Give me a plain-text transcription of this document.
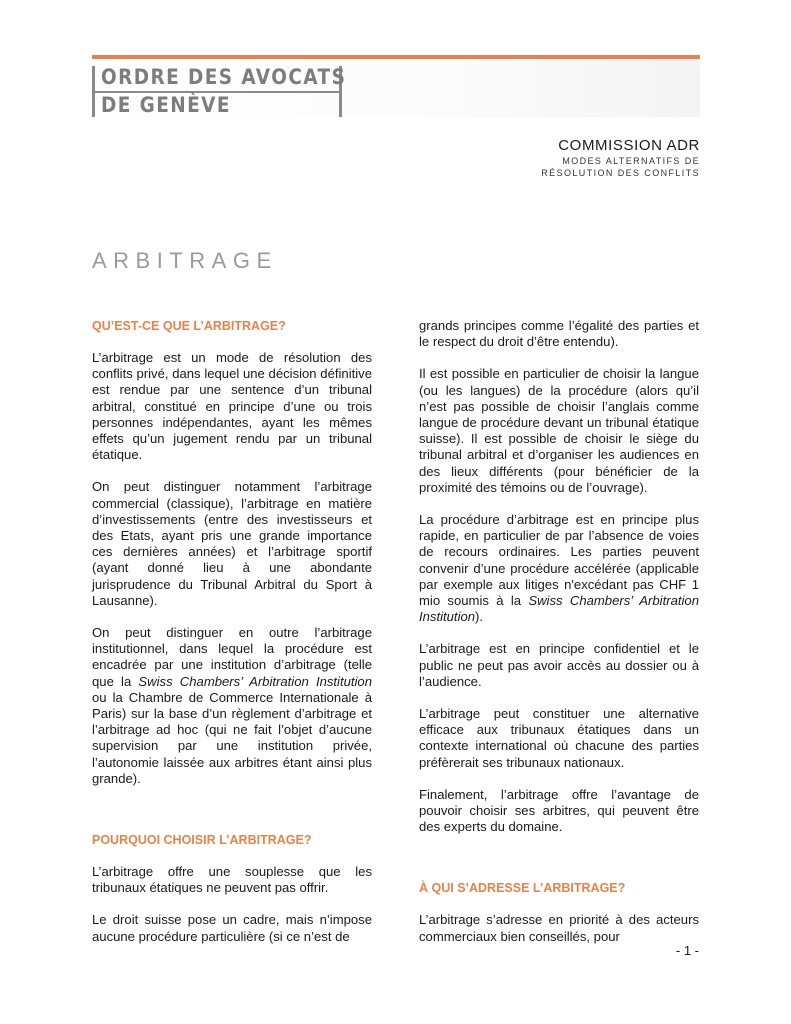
ORDRE DES AVOCATS
DE GENÈVE
COMMISSION ADR
MODES ALTERNATIFS DE
RÉSOLUTION DES CONFLITS
ARBITRAGE
QU’EST-CE QUE L’ARBITRAGE?

L’arbitrage est un mode de résolution des conflits privé, dans lequel une décision définitive est rendue par une sentence d’un tribunal arbitral, constitué en principe d’une ou trois personnes indépendantes, ayant les mêmes effets qu’un jugement rendu par un tribunal étatique.

On peut distinguer notamment l’arbitrage commercial (classique), l’arbitrage en matière d’investissements (entre des investisseurs et des Etats, ayant pris une grande importance ces dernières années) et l’arbitrage sportif (ayant donné lieu à une abondante jurisprudence du Tribunal Arbitral du Sport à Lausanne).

On peut distinguer en outre l’arbitrage institutionnel, dans lequel la procédure est encadrée par une institution d’arbitrage (telle que la Swiss Chambers’ Arbitration Institution ou la Chambre de Commerce Internationale à Paris) sur la base d’un règlement d’arbitrage et l’arbitrage ad hoc (qui ne fait l’objet d’aucune supervision par une institution privée, l’autonomie laissée aux arbitres étant ainsi plus grande).

POURQUOI CHOISIR L’ARBITRAGE?

L’arbitrage offre une souplesse que les tribunaux étatiques ne peuvent pas offrir.

Le droit suisse pose un cadre, mais n’impose aucune procédure particulière (si ce n’est de

grands principes comme l’égalité des parties et le respect du droit d’être entendu).

Il est possible en particulier de choisir la langue (ou les langues) de la procédure (alors qu’il n’est pas possible de choisir l’anglais comme langue de procédure devant un tribunal étatique suisse). Il est possible de choisir le siège du tribunal arbitral et d’organiser les audiences en des lieux différents (pour bénéficier de la proximité des témoins ou de l’ouvrage).

La procédure d’arbitrage est en principe plus rapide, en particulier de par l’absence de voies de recours ordinaires. Les parties peuvent convenir d’une procédure accélérée (applicable par exemple aux litiges n'excédant pas CHF 1 mio soumis à la Swiss Chambers’ Arbitration Institution).

L’arbitrage est en principe confidentiel et le public ne peut pas avoir accès au dossier ou à l’audience.

L’arbitrage peut constituer une alternative efficace aux tribunaux étatiques dans un contexte international où chacune des parties préfèrerait ses tribunaux nationaux.

Finalement, l’arbitrage offre l’avantage de pouvoir choisir ses arbitres, qui peuvent être des experts du domaine.

À QUI S’ADRESSE L’ARBITRAGE?

L’arbitrage s’adresse en priorité à des acteurs commerciaux bien conseillés, pour

- 1 -
